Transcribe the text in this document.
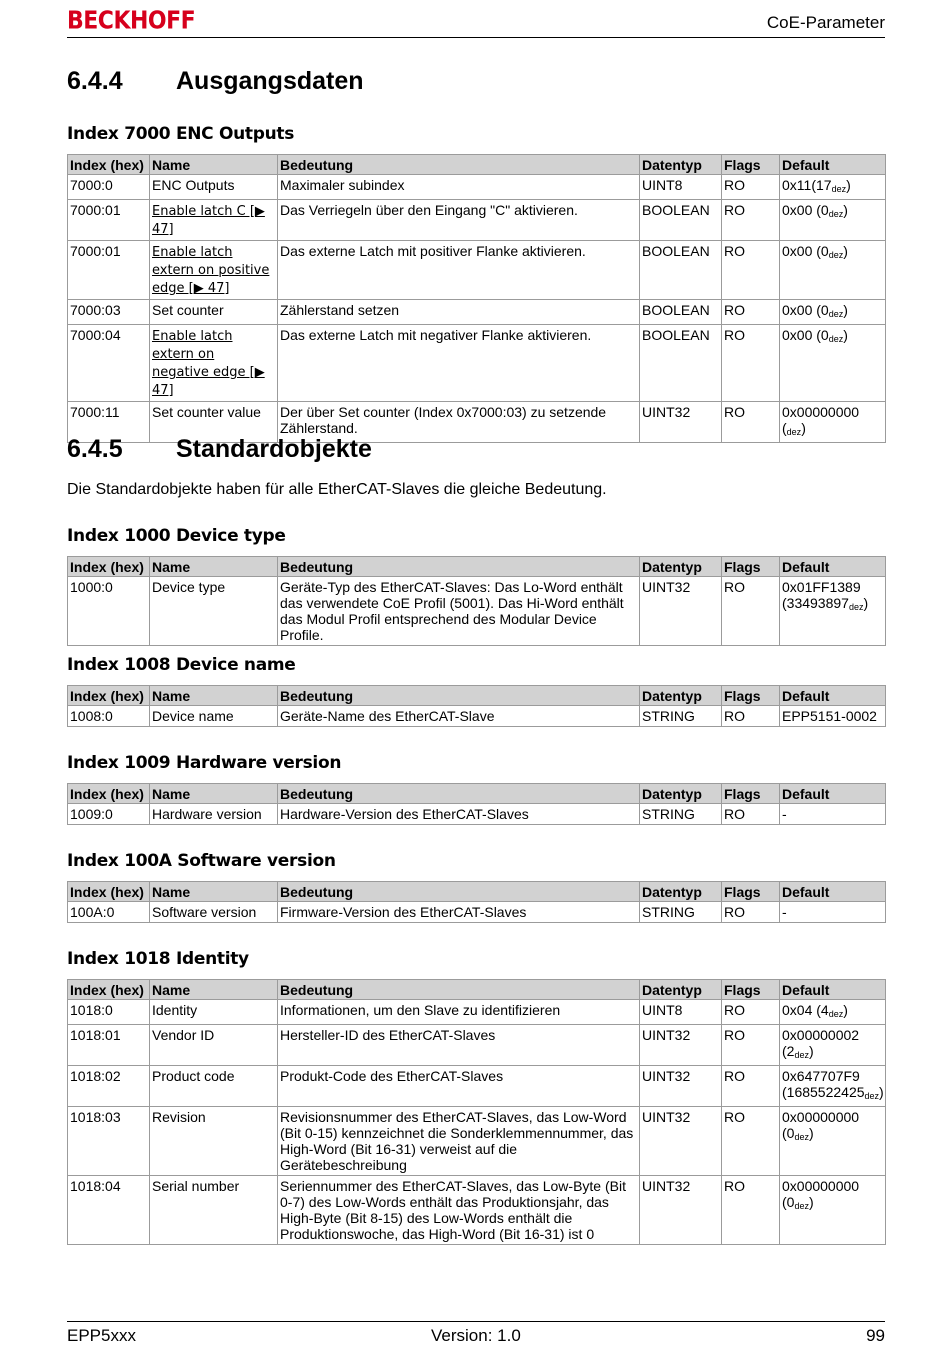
BECKHOFF	CoE-Parameter
6.4.4	Ausgangsdaten
Index 7000 ENC Outputs
Index (hex)	Name	Bedeutung	Datentyp	Flags	Default
7000:0	ENC Outputs	Maximaler subindex	UINT8	RO	$0x11(17_{dez})$
7000:01	Enable latch C [▶ 47]	Das Verriegeln über den Eingang "C" aktivieren.	BOOLEAN	RO	0x00 $(0_{dez})$
7000:01	Enable latch extern on positive edge [▶ 47]	Das externe Latch mit positiver Flanke aktivieren.	BOOLEAN	RO	0x00 $(0_{dez})$
7000:03	Set counter	Zählerstand setzen	BOOLEAN	RO	0x00 $(0_{dez})$
7000:04	Enable latch extern on negative edge [▶ 47]	Das externe Latch mit negativer Flanke aktivieren.	BOOLEAN	RO	0x00 $(0_{dez})$
7000:11	Set counter value	Der über Set counter (Index 0x7000:03) zu setzende Zählerstand.	UINT32	RO	0x00000000 $(_{dez})$
6.4.5	Standardobjekte
Die Standardobjekte haben für alle EtherCAT-Slaves die gleiche Bedeutung.
Index 1000 Device type
Index (hex)	Name	Bedeutung	Datentyp	Flags	Default
1000:0	Device type	Geräte-Typ des EtherCAT-Slaves: Das Lo-Word enthält das verwendete CoE Profil (5001). Das Hi-Word enthält das Modul Profil entsprechend des Modular Device Profile.	UINT32	RO	0x01FF1389 $(33493897_{dez})$
Index 1008 Device name
Index (hex)	Name	Bedeutung	Datentyp	Flags	Default
1008:0	Device name	Geräte-Name des EtherCAT-Slave	STRING	RO	EPP5151-0002
Index 1009 Hardware version
Index (hex)	Name	Bedeutung	Datentyp	Flags	Default
1009:0	Hardware version	Hardware-Version des EtherCAT-Slaves	STRING	RO	-
Index 100A Software version
Index (hex)	Name	Bedeutung	Datentyp	Flags	Default
100A:0	Software version	Firmware-Version des EtherCAT-Slaves	STRING	RO	-
Index 1018 Identity
Index (hex)	Name	Bedeutung	Datentyp	Flags	Default
1018:0	Identity	Informationen, um den Slave zu identifizieren	UINT8	RO	0x04 $(4_{dez})$
1018:01	Vendor ID	Hersteller-ID des EtherCAT-Slaves	UINT32	RO	0x00000002 $(2_{dez})$
1018:02	Product code	Produkt-Code des EtherCAT-Slaves	UINT32	RO	0x647707F9 $(1685522425_{dez})$
1018:03	Revision	Revisionsnummer des EtherCAT-Slaves, das Low-Word (Bit 0-15) kennzeichnet die Sonderklemmennummer, das High-Word (Bit 16-31) verweist auf die Gerätebeschreibung	UINT32	RO	0x00000000 $(0_{dez})$
1018:04	Serial number	Seriennummer des EtherCAT-Slaves, das Low-Byte (Bit 0-7) des Low-Words enthält das Produktionsjahr, das High-Byte (Bit 8-15) des Low-Words enthält die Produktionswoche, das High-Word (Bit 16-31) ist 0	UINT32	RO	0x00000000 $(0_{dez})$
EPP5xxx	Version: 1.0	99
